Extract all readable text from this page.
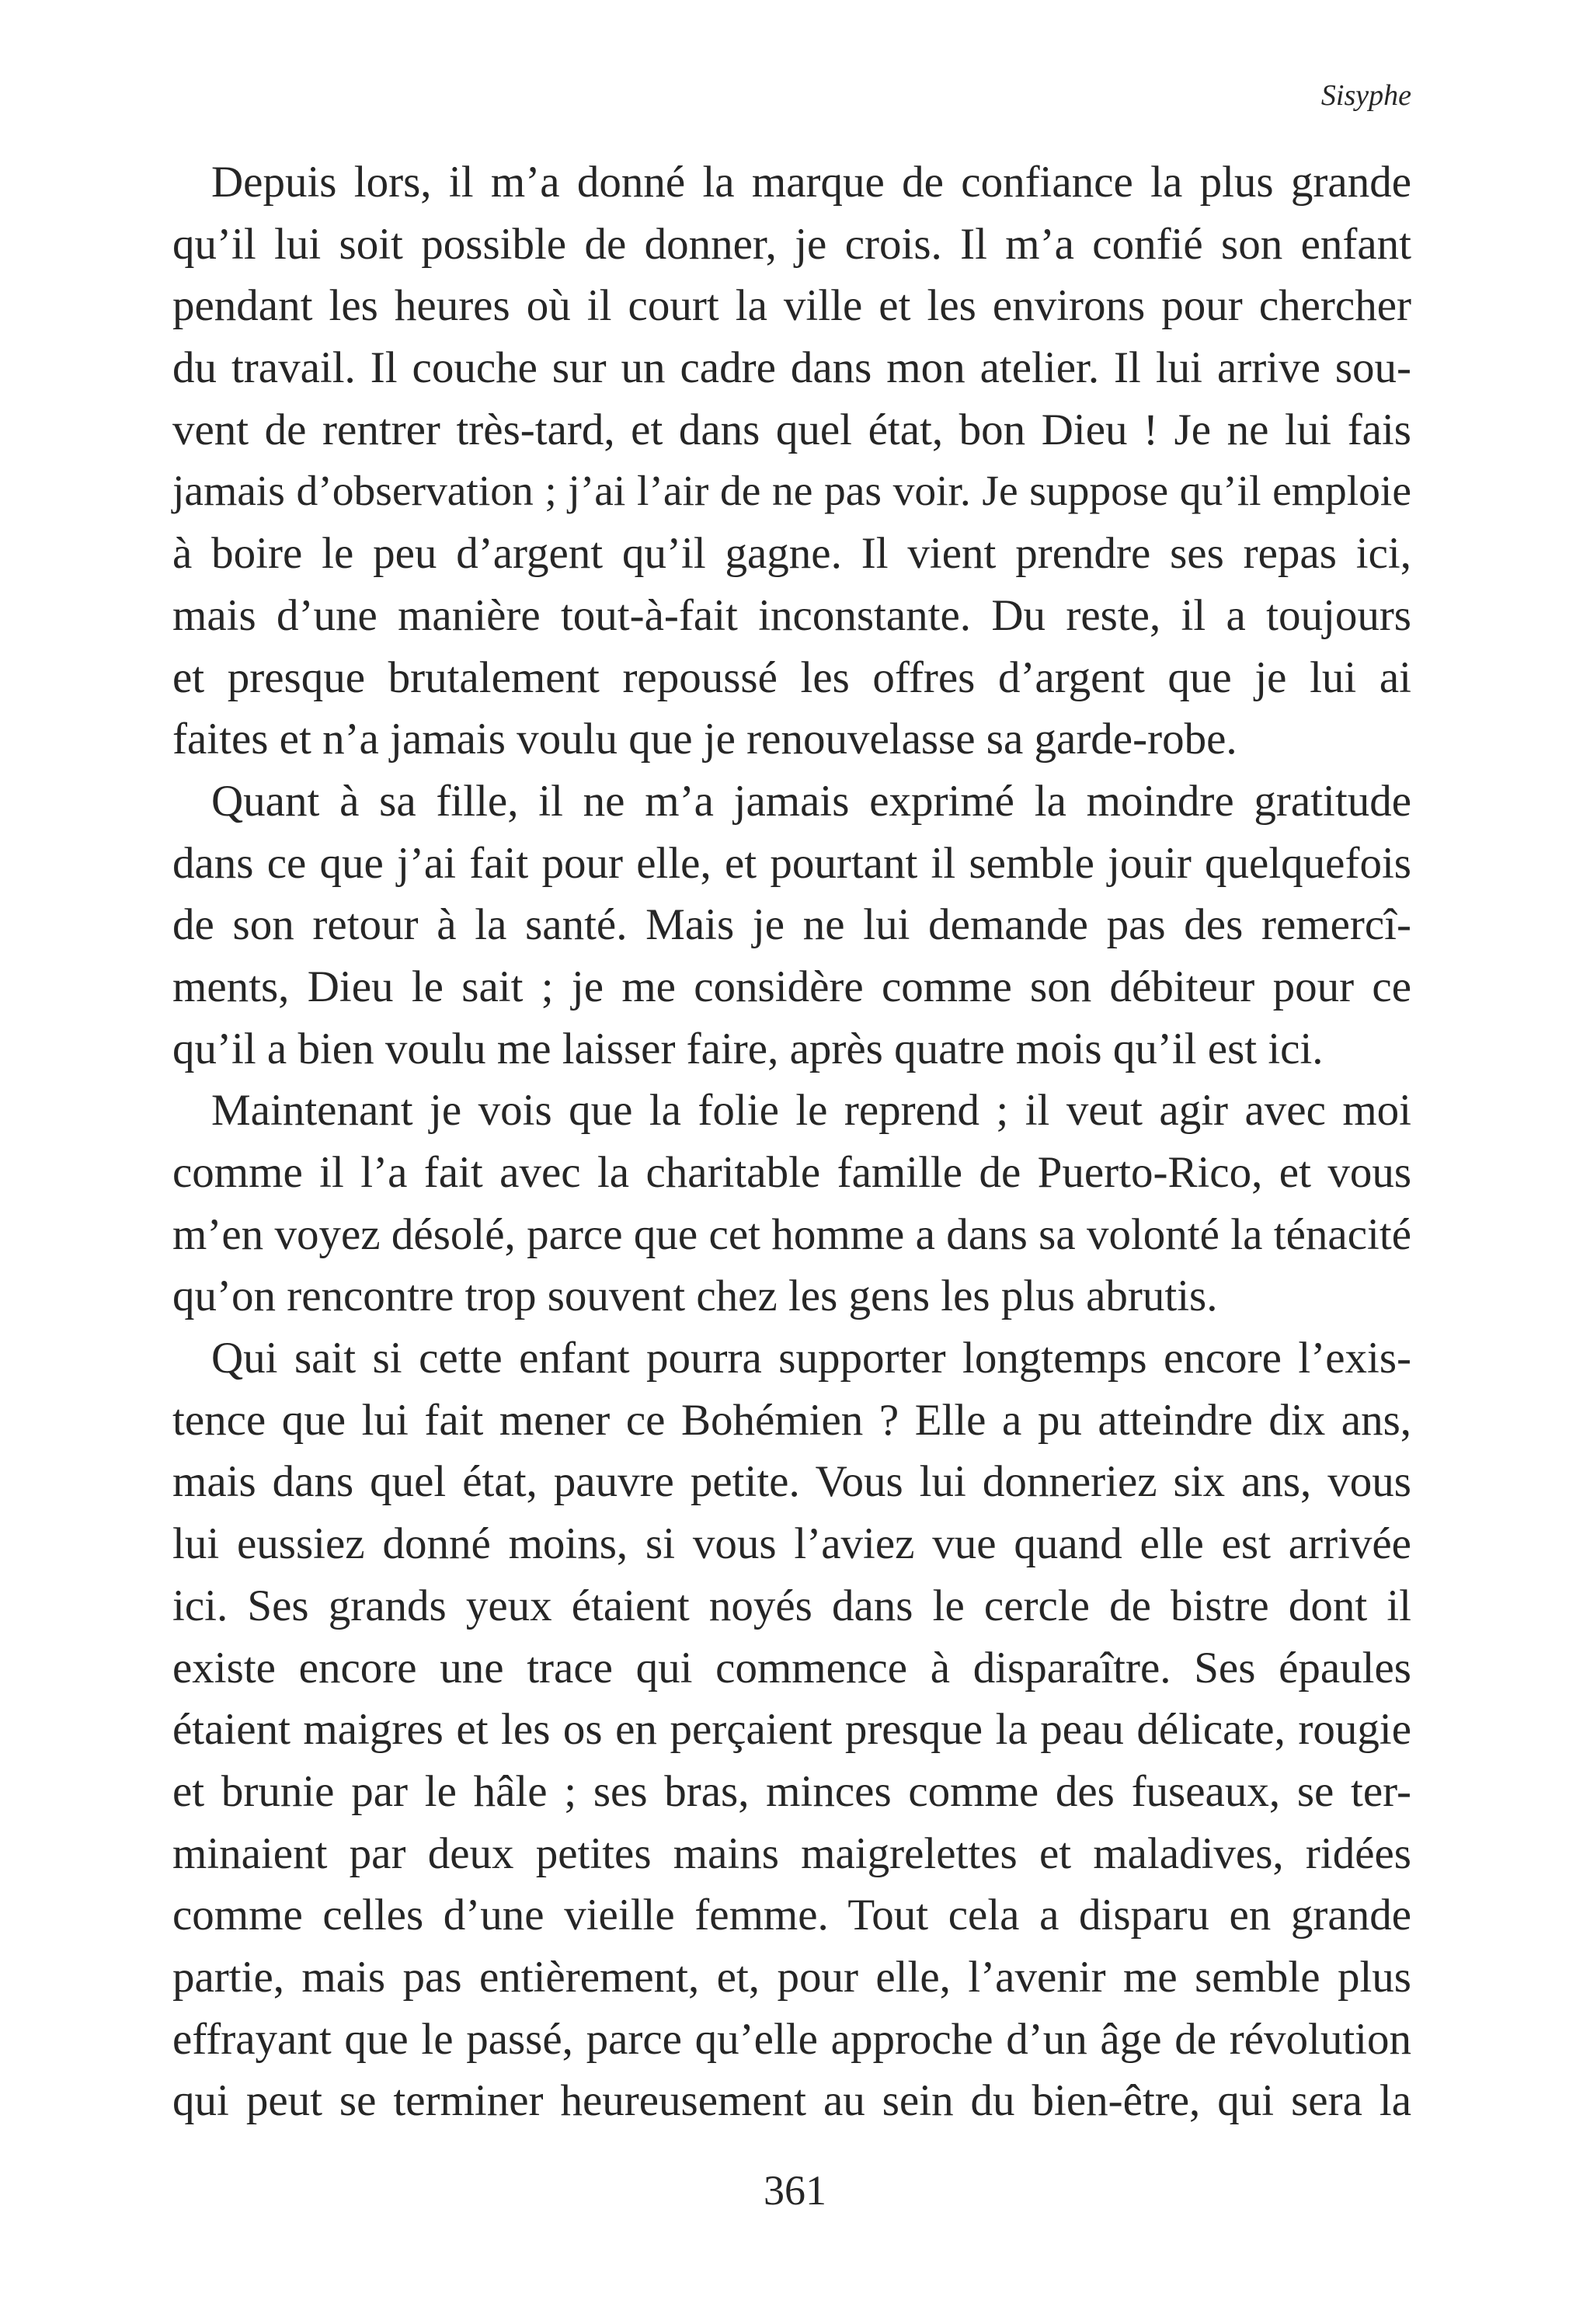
Sisyphe
Depuis lors, il m’a donné la marque de confiance la plus grande
qu’il lui soit possible de donner, je crois. Il m’a confié son enfant
pendant les heures où il court la ville et les environs pour chercher
du travail. Il couche sur un cadre dans mon atelier. Il lui arrive sou-
vent de rentrer très-tard, et dans quel état, bon Dieu ! Je ne lui fais
jamais d’observation ; j’ai l’air de ne pas voir. Je suppose qu’il emploie
à boire le peu d’argent qu’il gagne. Il vient prendre ses repas ici,
mais d’une manière tout-à-fait inconstante. Du reste, il a toujours
et presque brutalement repoussé les offres d’argent que je lui ai
faites et n’a jamais voulu que je renouvelasse sa garde-robe.
Quant à sa fille, il ne m’a jamais exprimé la moindre gratitude
dans ce que j’ai fait pour elle, et pourtant il semble jouir quelquefois
de son retour à la santé. Mais je ne lui demande pas des remercî-
ments, Dieu le sait ; je me considère comme son débiteur pour ce
qu’il a bien voulu me laisser faire, après quatre mois qu’il est ici.
Maintenant je vois que la folie le reprend ; il veut agir avec moi
comme il l’a fait avec la charitable famille de Puerto-Rico, et vous
m’en voyez désolé, parce que cet homme a dans sa volonté la ténacité
qu’on rencontre trop souvent chez les gens les plus abrutis.
Qui sait si cette enfant pourra supporter longtemps encore l’exis-
tence que lui fait mener ce Bohémien ? Elle a pu atteindre dix ans,
mais dans quel état, pauvre petite. Vous lui donneriez six ans, vous
lui eussiez donné moins, si vous l’aviez vue quand elle est arrivée
ici. Ses grands yeux étaient noyés dans le cercle de bistre dont il
existe encore une trace qui commence à disparaître. Ses épaules
étaient maigres et les os en perçaient presque la peau délicate, rougie
et brunie par le hâle ; ses bras, minces comme des fuseaux, se ter-
minaient par deux petites mains maigrelettes et maladives, ridées
comme celles d’une vieille femme. Tout cela a disparu en grande
partie, mais pas entièrement, et, pour elle, l’avenir me semble plus
effrayant que le passé, parce qu’elle approche d’un âge de révolution
qui peut se terminer heureusement au sein du bien-être, qui sera la
361
